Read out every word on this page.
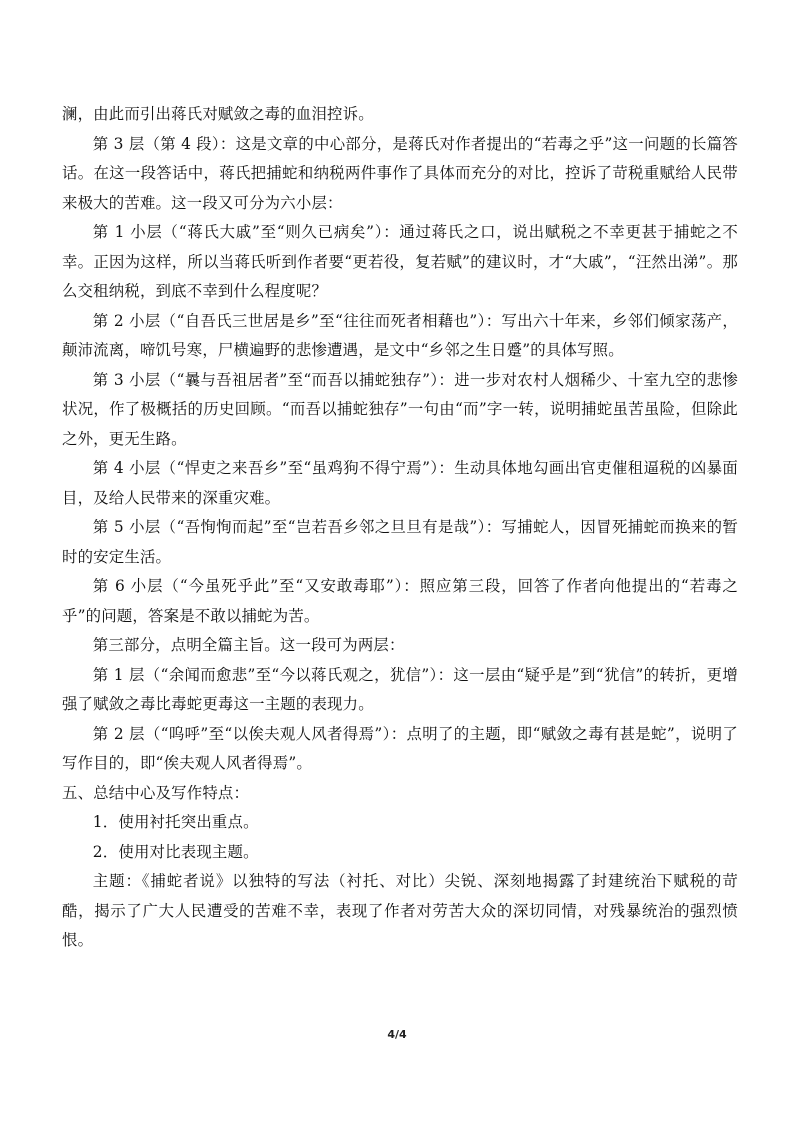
澜，由此而引出蒋氏对赋敛之毒的血泪控诉。

第 3 层（第 4 段）：这是文章的中心部分，是蒋氏对作者提出的“若毒之乎”这一问题的长篇答话。在这一段答话中，蒋氏把捕蛇和纳税两件事作了具体而充分的对比，控诉了苛税重赋给人民带来极大的苦难。这一段又可分为六小层：

第 1 小层（“蒋氏大戚”至“则久已病矣”）：通过蒋氏之口，说出赋税之不幸更甚于捕蛇之不幸。正因为这样，所以当蒋氏听到作者要“更若役，复若赋”的建议时，才“大戚”，“汪然出涕”。那么交租纳税，到底不幸到什么程度呢？

第 2 小层（“自吾氏三世居是乡”至“往往而死者相藉也”）：写出六十年来，乡邻们倾家荡产，颠沛流离，啼饥号寒，尸横遍野的悲惨遭遇，是文中“乡邻之生日蹙”的具体写照。

第 3 小层（“曩与吾祖居者”至“而吾以捕蛇独存”）：进一步对农村人烟稀少、十室九空的悲惨状况，作了极概括的历史回顾。“而吾以捕蛇独存”一句由“而”字一转，说明捕蛇虽苦虽险，但除此之外，更无生路。

第 4 小层（“悍吏之来吾乡”至“虽鸡狗不得宁焉”）：生动具体地勾画出官吏催租逼税的凶暴面目，及给人民带来的深重灾难。

第 5 小层（“吾恂恂而起”至“岂若吾乡邻之旦旦有是哉”）：写捕蛇人，因冒死捕蛇而换来的暂时的安定生活。

第 6 小层（“今虽死乎此”至“又安敢毒耶”）：照应第三段，回答了作者向他提出的“若毒之乎”的问题，答案是不敢以捕蛇为苦。

第三部分，点明全篇主旨。这一段可为两层：

第 1 层（“余闻而愈悲”至“今以蒋氏观之，犹信”）：这一层由“疑乎是”到“犹信”的转折，更增强了赋敛之毒比毒蛇更毒这一主题的表现力。

第 2 层（“呜呼”至“以俟夫观人风者得焉”）：点明了的主题，即“赋敛之毒有甚是蛇”，说明了写作目的，即“俟夫观人风者得焉”。

五、总结中心及写作特点：

1．使用衬托突出重点。

2．使用对比表现主题。

主题：《捕蛇者说》以独特的写法（衬托、对比）尖锐、深刻地揭露了封建统治下赋税的苛酷，揭示了广大人民遭受的苦难不幸，表现了作者对劳苦大众的深切同情，对残暴统治的强烈愤恨。

4/4
